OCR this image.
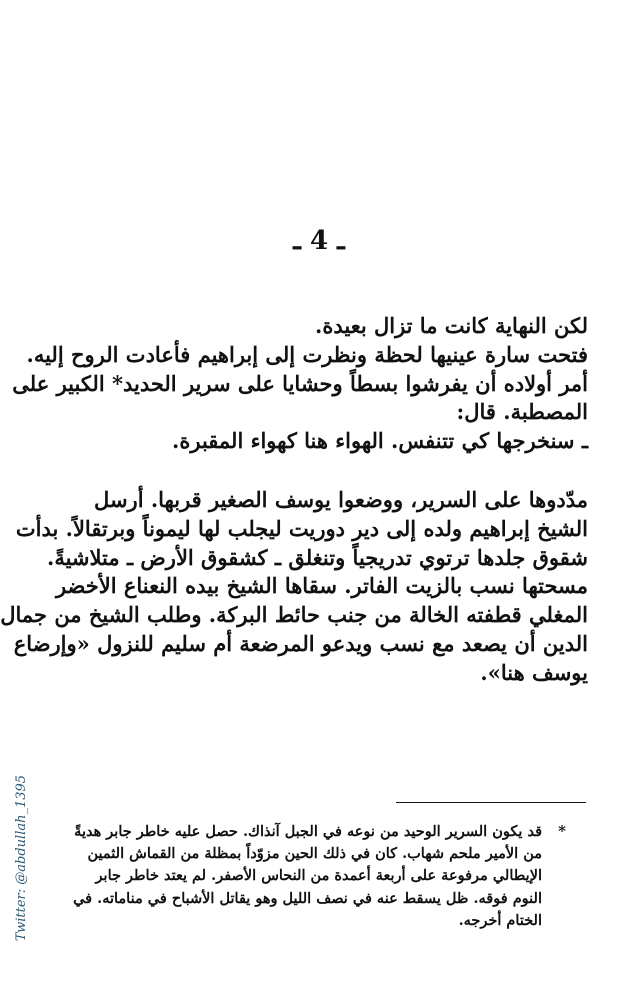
ـ 4 ـ

لكن النهاية كانت ما تزال بعيدة.
فتحت سارة عينيها لحظة ونظرت إلى إبراهيم فأعادت الروح إليه.
أمر أولاده أن يفرشوا بسطاً وحشايا على سرير الحديد* الكبير على
المصطبة. قال:
ـ سنخرجها كي تتنفس. الهواء هنا كهواء المقبرة.

مدّدوها على السرير، ووضعوا يوسف الصغير قربها. أرسل
الشيخ إبراهيم ولده إلى دير دوريت ليجلب لها ليموناً وبرتقالاً. بدأت
شقوق جلدها ترتوي تدريجياً وتنغلق ـ كشقوق الأرض ـ متلاشيةً.
مسحتها نسب بالزيت الفاتر. سقاها الشيخ بيده النعناع الأخضر
المغلي قطفته الخالة من جنب حائط البركة. وطلب الشيخ من جمال
الدين أن يصعد مع نسب ويدعو المرضعة أم سليم للنزول «وإرضاع
يوسف هنا».

*
قد يكون السرير الوحيد من نوعه في الجبل آنذاك. حصل عليه خاطر جابر هديةً
من الأمير ملحم شهاب. كان في ذلك الحين مزوّداً بمظلة من القماش الثمين
الإيطالي مرفوعة على أربعة أعمدة من النحاس الأصفر. لم يعتد خاطر جابر
النوم فوقه. ظل يسقط عنه في نصف الليل وهو يقاتل الأشباح في مناماته. في
الختام أخرجه.
Twitter: @abdullah_1395
